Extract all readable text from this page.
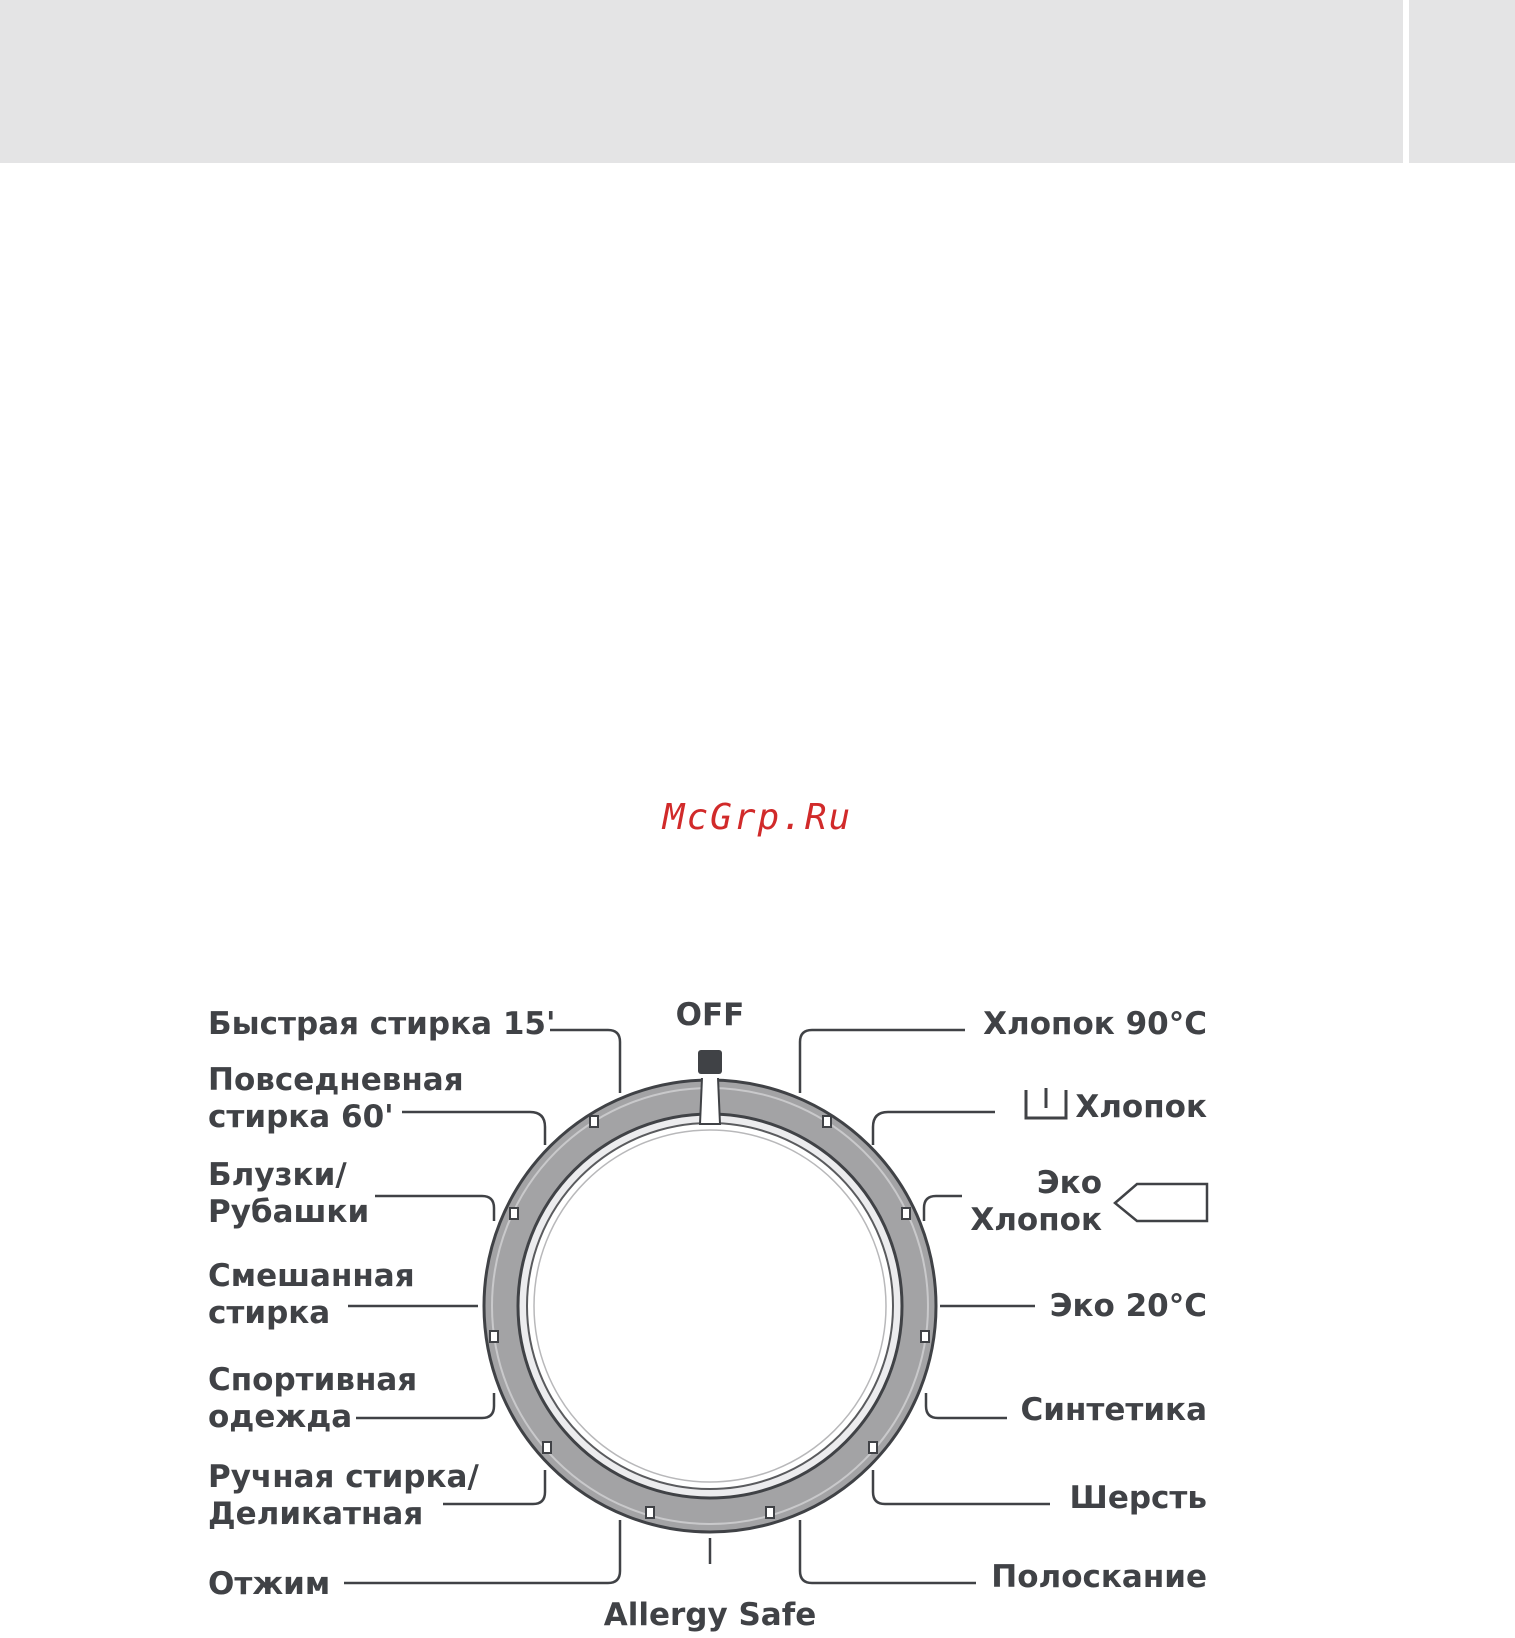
McGrp.Ru
OFF
Allergy Safe
Быстрая стирка 15'
Повседневная
стирка 60'
Блузки/
Рубашки
Смешанная
стирка
Спортивная
одежда
Ручная стирка/
Деликатная
Отжим
Хлопок 90°C
Хлопок
Эко
Хлопок
Эко 20°C
Синтетика
Шерсть
Полоскание
